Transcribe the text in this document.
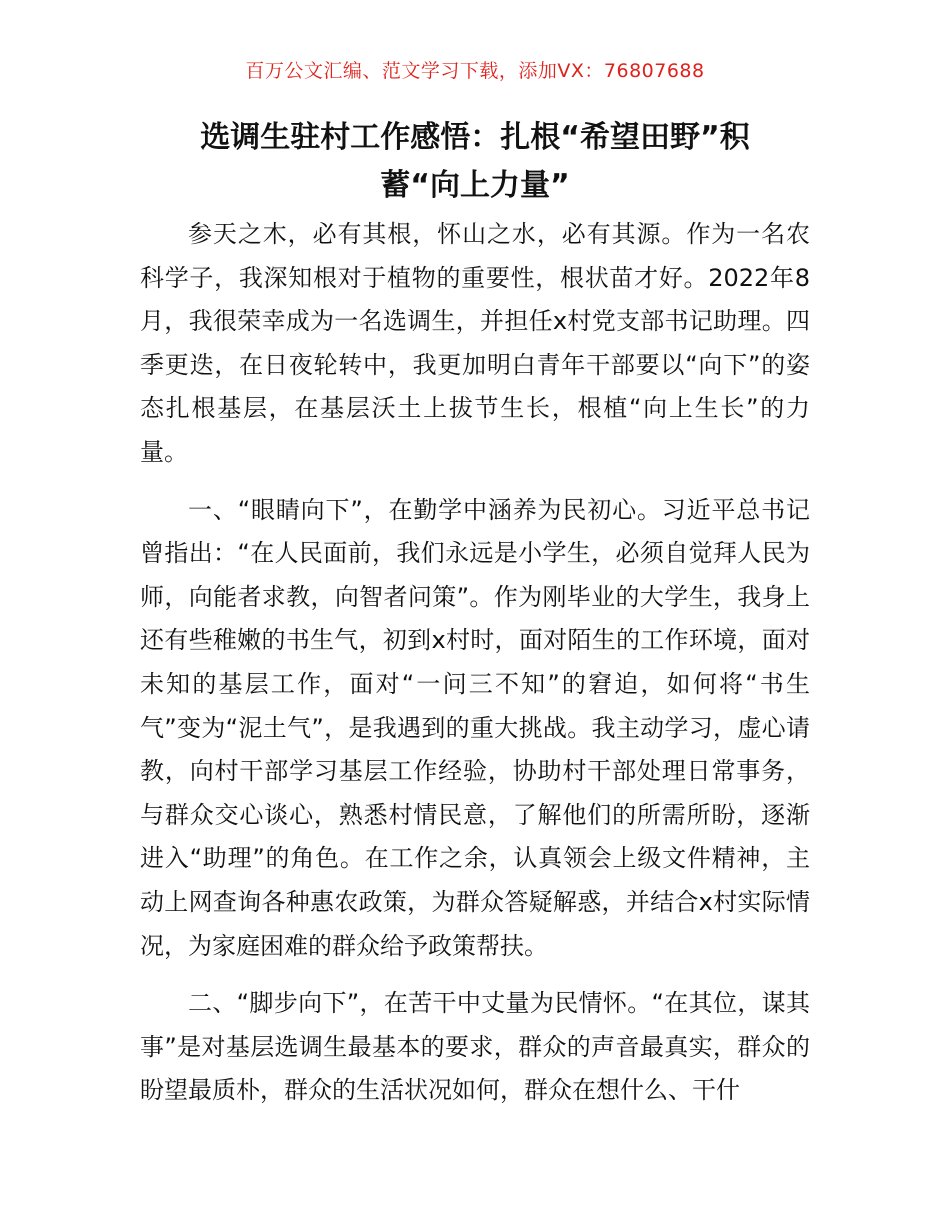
百万公文汇编、范文学习下载，添加VX：76807688
选调生驻村工作感悟：扎根“希望田野”积
蓄“向上力量”

参天之木，必有其根，怀山之水，必有其源。作为一名农科学子，我深知根对于植物的重要性，根状苗才好。2022年8月，我很荣幸成为一名选调生，并担任x村党支部书记助理。四季更迭，在日夜轮转中，我更加明白青年干部要以“向下”的姿态扎根基层，在基层沃土上拔节生长，根植“向上生长”的力量。

一、“眼睛向下”，在勤学中涵养为民初心。习近平总书记曾指出：“在人民面前，我们永远是小学生，必须自觉拜人民为师，向能者求教，向智者问策”。作为刚毕业的大学生，我身上还有些稚嫩的书生气，初到x村时，面对陌生的工作环境，面对未知的基层工作，面对“一问三不知”的窘迫，如何将“书生气”变为“泥土气”，是我遇到的重大挑战。我主动学习，虚心请教，向村干部学习基层工作经验，协助村干部处理日常事务，与群众交心谈心，熟悉村情民意，了解他们的所需所盼，逐渐进入“助理”的角色。在工作之余，认真领会上级文件精神，主动上网查询各种惠农政策，为群众答疑解惑，并结合x村实际情况，为家庭困难的群众给予政策帮扶。

二、“脚步向下”，在苦干中丈量为民情怀。“在其位，谋其事”是对基层选调生最基本的要求，群众的声音最真实，群众的盼望最质朴，群众的生活状况如何，群众在想什么、干什
